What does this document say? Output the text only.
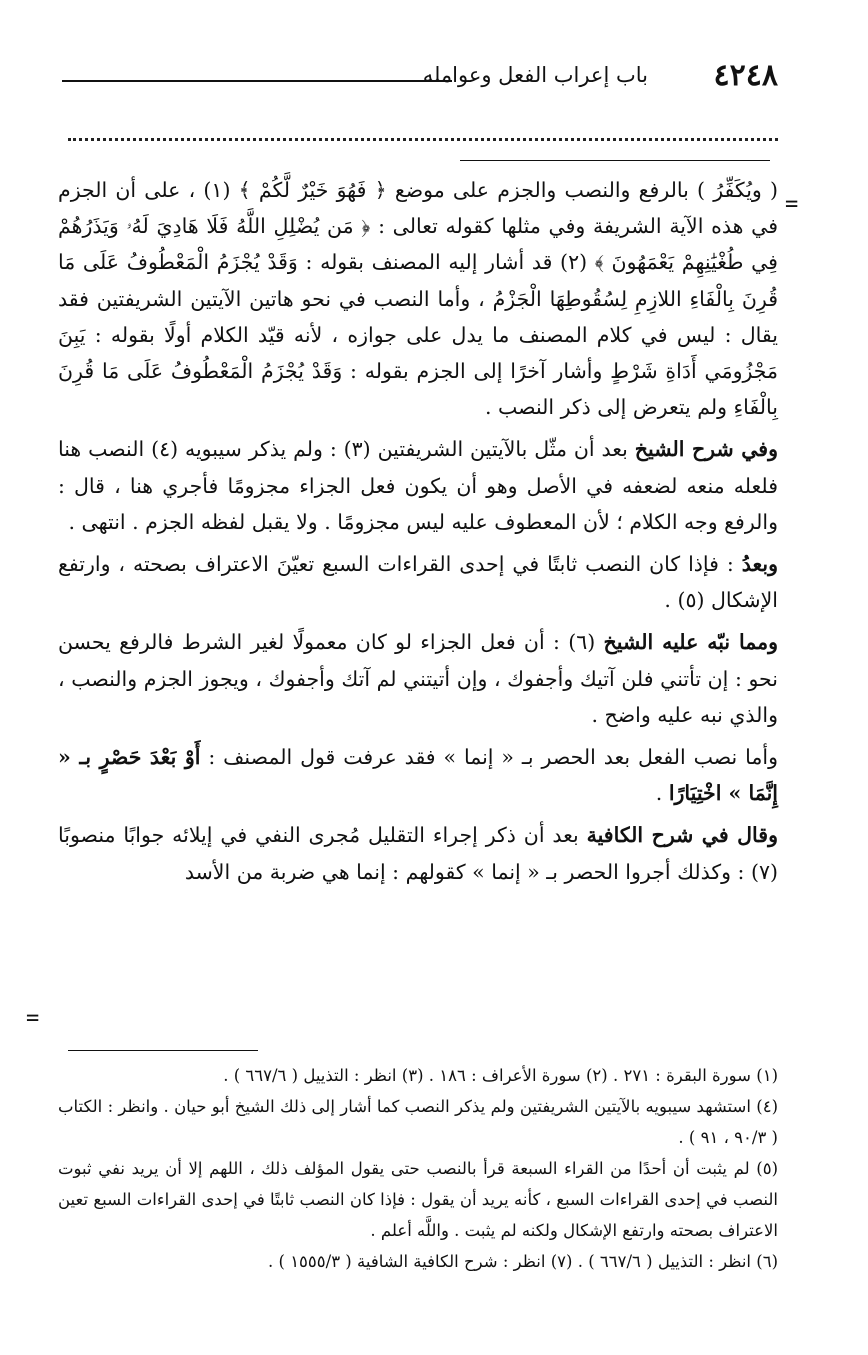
٤٢٤٨
باب إعراب الفعل وعوامله

( ويُكَفِّرُ ) بالرفع والنصب والجزم على موضع ﴿ فَهُوَ خَيْرٌ لَّكُمْ ﴾ (١) ، على أن الجزم في هذه الآية الشريفة وفي مثلها كقوله تعالى : ﴿ مَن يُضْلِلِ اللَّهُ فَلَا هَادِيَ لَهُۥ وَيَذَرُهُمْ فِي طُغْيَٰنِهِمْ يَعْمَهُونَ ﴾ (٢) قد أشار إليه المصنف بقوله : وَقَدْ يُجْزَمُ الْمَعْطُوفُ عَلَى مَا قُرِنَ بِالْفَاءِ اللازِمِ لِسُقُوطِهَا الْجَزْمُ ، وأما النصب في نحو هاتين الآيتين الشريفتين فقد يقال : ليس في كلام المصنف ما يدل على جوازه ، لأنه قيّد الكلام أولًا بقوله : يَبِنَ مَجْزُومَي أَدَاةِ شَرْطٍ وأشار آخرًا إلى الجزم بقوله : وَقَدْ يُجْزَمُ الْمَعْطُوفُ عَلَى مَا قُرِنَ بِالْفَاءِ ولم يتعرض إلى ذكر النصب .

وفي شرح الشيخ بعد أن مثّل بالآيتين الشريفتين (٣) : ولم يذكر سيبويه (٤) النصب هنا فلعله منعه لضعفه في الأصل وهو أن يكون فعل الجزاء مجزومًا فأجري هنا ، قال : والرفع وجه الكلام ؛ لأن المعطوف عليه ليس مجزومًا . ولا يقبل لفظه الجزم . انتهى .

وبعدُ : فإذا كان النصب ثابتًا في إحدى القراءات السبع تعيّنَ الاعتراف بصحته ، وارتفع الإشكال (٥) .

ومما نبّه عليه الشيخ (٦) : أن فعل الجزاء لو كان معمولًا لغير الشرط فالرفع يحسن نحو : إن تأتني فلن آتيك وأجفوك ، وإن أتيتني لم آتك وأجفوك ، ويجوز الجزم والنصب ، والذي نبه عليه واضح .

وأما نصب الفعل بعد الحصر بـ « إنما » فقد عرفت قول المصنف : أَوْ بَعْدَ حَصْرٍ بـ « إِنَّمَا » اخْتِيَارًا .

وقال في شرح الكافية بعد أن ذكر إجراء التقليل مُجرى النفي في إيلائه جوابًا منصوبًا (٧) : وكذلك أجروا الحصر بـ « إنما » كقولهم : إنما هي ضربة من الأسد

(١) سورة البقرة : ٢٧١ . (٢) سورة الأعراف : ١٨٦ . (٣) انظر : التذييل ( ٦٦٧/٦ ) .

(٤) استشهد سيبويه بالآيتين الشريفتين ولم يذكر النصب كما أشار إلى ذلك الشيخ أبو حيان . وانظر : الكتاب ( ٩٠/٣ ، ٩١ ) .

(٥) لم يثبت أن أحدًا من القراء السبعة قرأ بالنصب حتى يقول المؤلف ذلك ، اللهم إلا أن يريد نفي ثبوت النصب في إحدى القراءات السبع ، كأنه يريد أن يقول : فإذا كان النصب ثابتًا في إحدى القراءات السبع تعين الاعتراف بصحته وارتفع الإشكال ولكنه لم يثبت . واللَّه أعلم .

(٦) انظر : التذييل ( ٦٦٧/٦ ) . (٧) انظر : شرح الكافية الشافية ( ١٥٥٥/٣ ) .

=
=
